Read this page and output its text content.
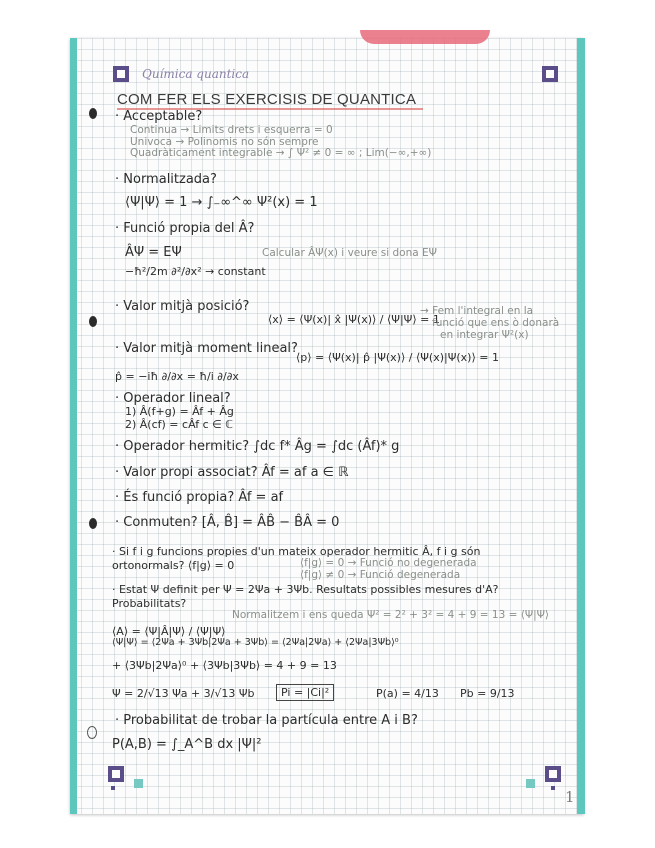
Química quantica
COM FER ELS EXERCISIS DE QUANTICA
· Acceptable?
Continua → Limits drets i esquerra = 0
Univoca → Polinomis no són sempre
Quadràticament integrable → ∫ Ψ² ≠ 0 = ∞ ; Lim(−∞,+∞)
· Normalitzada?
⟨Ψ|Ψ⟩ = 1 → ∫₋∞^∞ Ψ²(x) = 1
· Funció propia del Â?
ÂΨ = EΨ	Calcular ÂΨ(x) i veure si dona EΨ
−ħ²/2m ∂²/∂x² → constant
· Valor mitjà posició?
⟨x⟩ = ⟨Ψ(x)| x̂ |Ψ(x)⟩ / ⟨Ψ|Ψ⟩ = 1
→ Fem l'integral en la
funció que ens ò donarà
en integrar Ψ²(x)
· Valor mitjà moment lineal?
⟨p⟩ = ⟨Ψ(x)| p̂ |Ψ(x)⟩ / ⟨Ψ(x)|Ψ(x)⟩ = 1
p̂ = −iħ ∂/∂x = ħ/i ∂/∂x
· Operador lineal?
1) Â(f+g) = Âf + Âg
2) Â(cf) = cÂf c ∈ ℂ
· Operador hermitic? ∫dc f* Âg = ∫dc (Âf)* g
· Valor propi associat? Âf = af a ∈ ℝ
· És funció propia? Âf = af
· Conmuten? [Â, B̂] = ÂB̂ − B̂Â = 0
· Si f i g funcions propies d'un mateix operador hermitic Â, f i g són
ortonormals? ⟨f|g⟩ = 0	⟨f|g⟩ = 0 → Funció no degenerada
⟨f|g⟩ ≠ 0 → Funció degenerada
· Estat Ψ definit per Ψ = 2Ψa + 3Ψb. Resultats possibles mesures d'A?
Probabilitats?
Normalitzem i ens queda Ψ² = 2² + 3² = 4 + 9 = 13 = ⟨Ψ|Ψ⟩
⟨A⟩ = ⟨Ψ|Â|Ψ⟩ / ⟨Ψ|Ψ⟩
⟨Ψ|Ψ⟩ = ⟨2Ψa + 3Ψb|2Ψa + 3Ψb⟩ = ⟨2Ψa|2Ψa⟩ + ⟨2Ψa|3Ψb⟩⁰
+ ⟨3Ψb|2Ψa⟩⁰ + ⟨3Ψb|3Ψb⟩ = 4 + 9 = 13
Ψ = 2/√13 Ψa + 3/√13 Ψb	Pi = |Ci|²	P(a) = 4/13 Pb = 9/13
· Probabilitat de trobar la partícula entre A i B?
P(A,B) = ∫_A^B dx |Ψ|²
1
